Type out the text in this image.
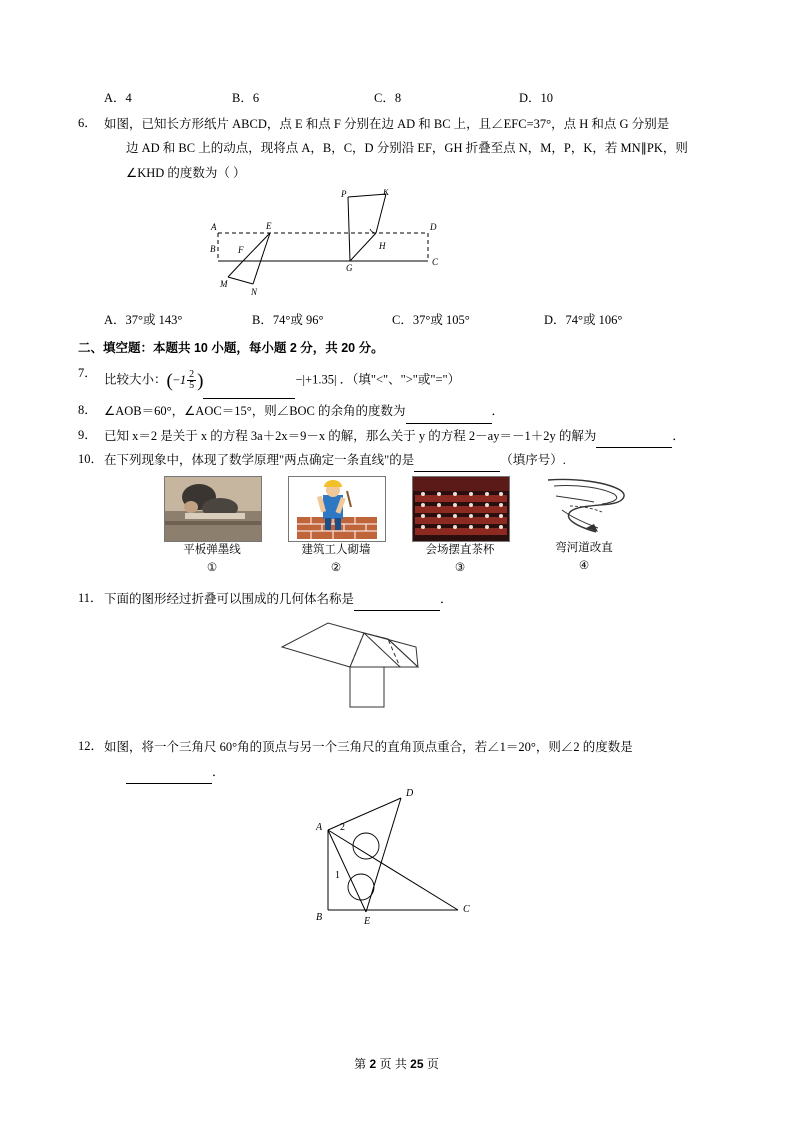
A．4	B．6	C．8	D．10
6． 如图，已知长方形纸片 ABCD，点 E 和点 F 分别在边 AD 和 BC 上，且∠EFC=37°，点 H 和点 G 分别是
边 AD 和 BC 上的动点，现将点 A，B，C，D 分别沿 EF，GH 折叠至点 N，M，P，K，若 MN∥PK，则
∠KHD 的度数为（ ）
K
P
A	E	D
B	F	H
C
M
N
G
A．37°或 143°	B．74°或 96°	C．37°或 105°	D．74°或 106°
二、填空题：本题共 10 小题，每小题 2 分，共 20 分。
7． 比较大小：($-1 \frac{2}{5}$ )	−|+1.35| ．（填"<"、">"或"="）
8． ∠AOB＝60°，∠AOC＝15°，则∠BOC 的余角的度数为	．
9． 已知 x＝2 是关于 x 的方程 3a＋2x＝9－x 的解，那么关于 y 的方程 2－ay＝－1＋2y 的解为	．
10． 在下列现象中，体现了数学原理"两点确定一条直线"的是	（填序号）.
平板弹墨线
①
建筑工人砌墙
②
会场摆直茶杯
③
弯河道改直
④
11． 下面的图形经过折叠可以围成的几何体名称是	．
12． 如图，将一个三角尺 60°角的顶点与另一个三角尺的直角顶点重合，若∠1＝20°，则∠2 的度数是
．
D
A 2
1
B	E
C
第 2 页 共 25 页
